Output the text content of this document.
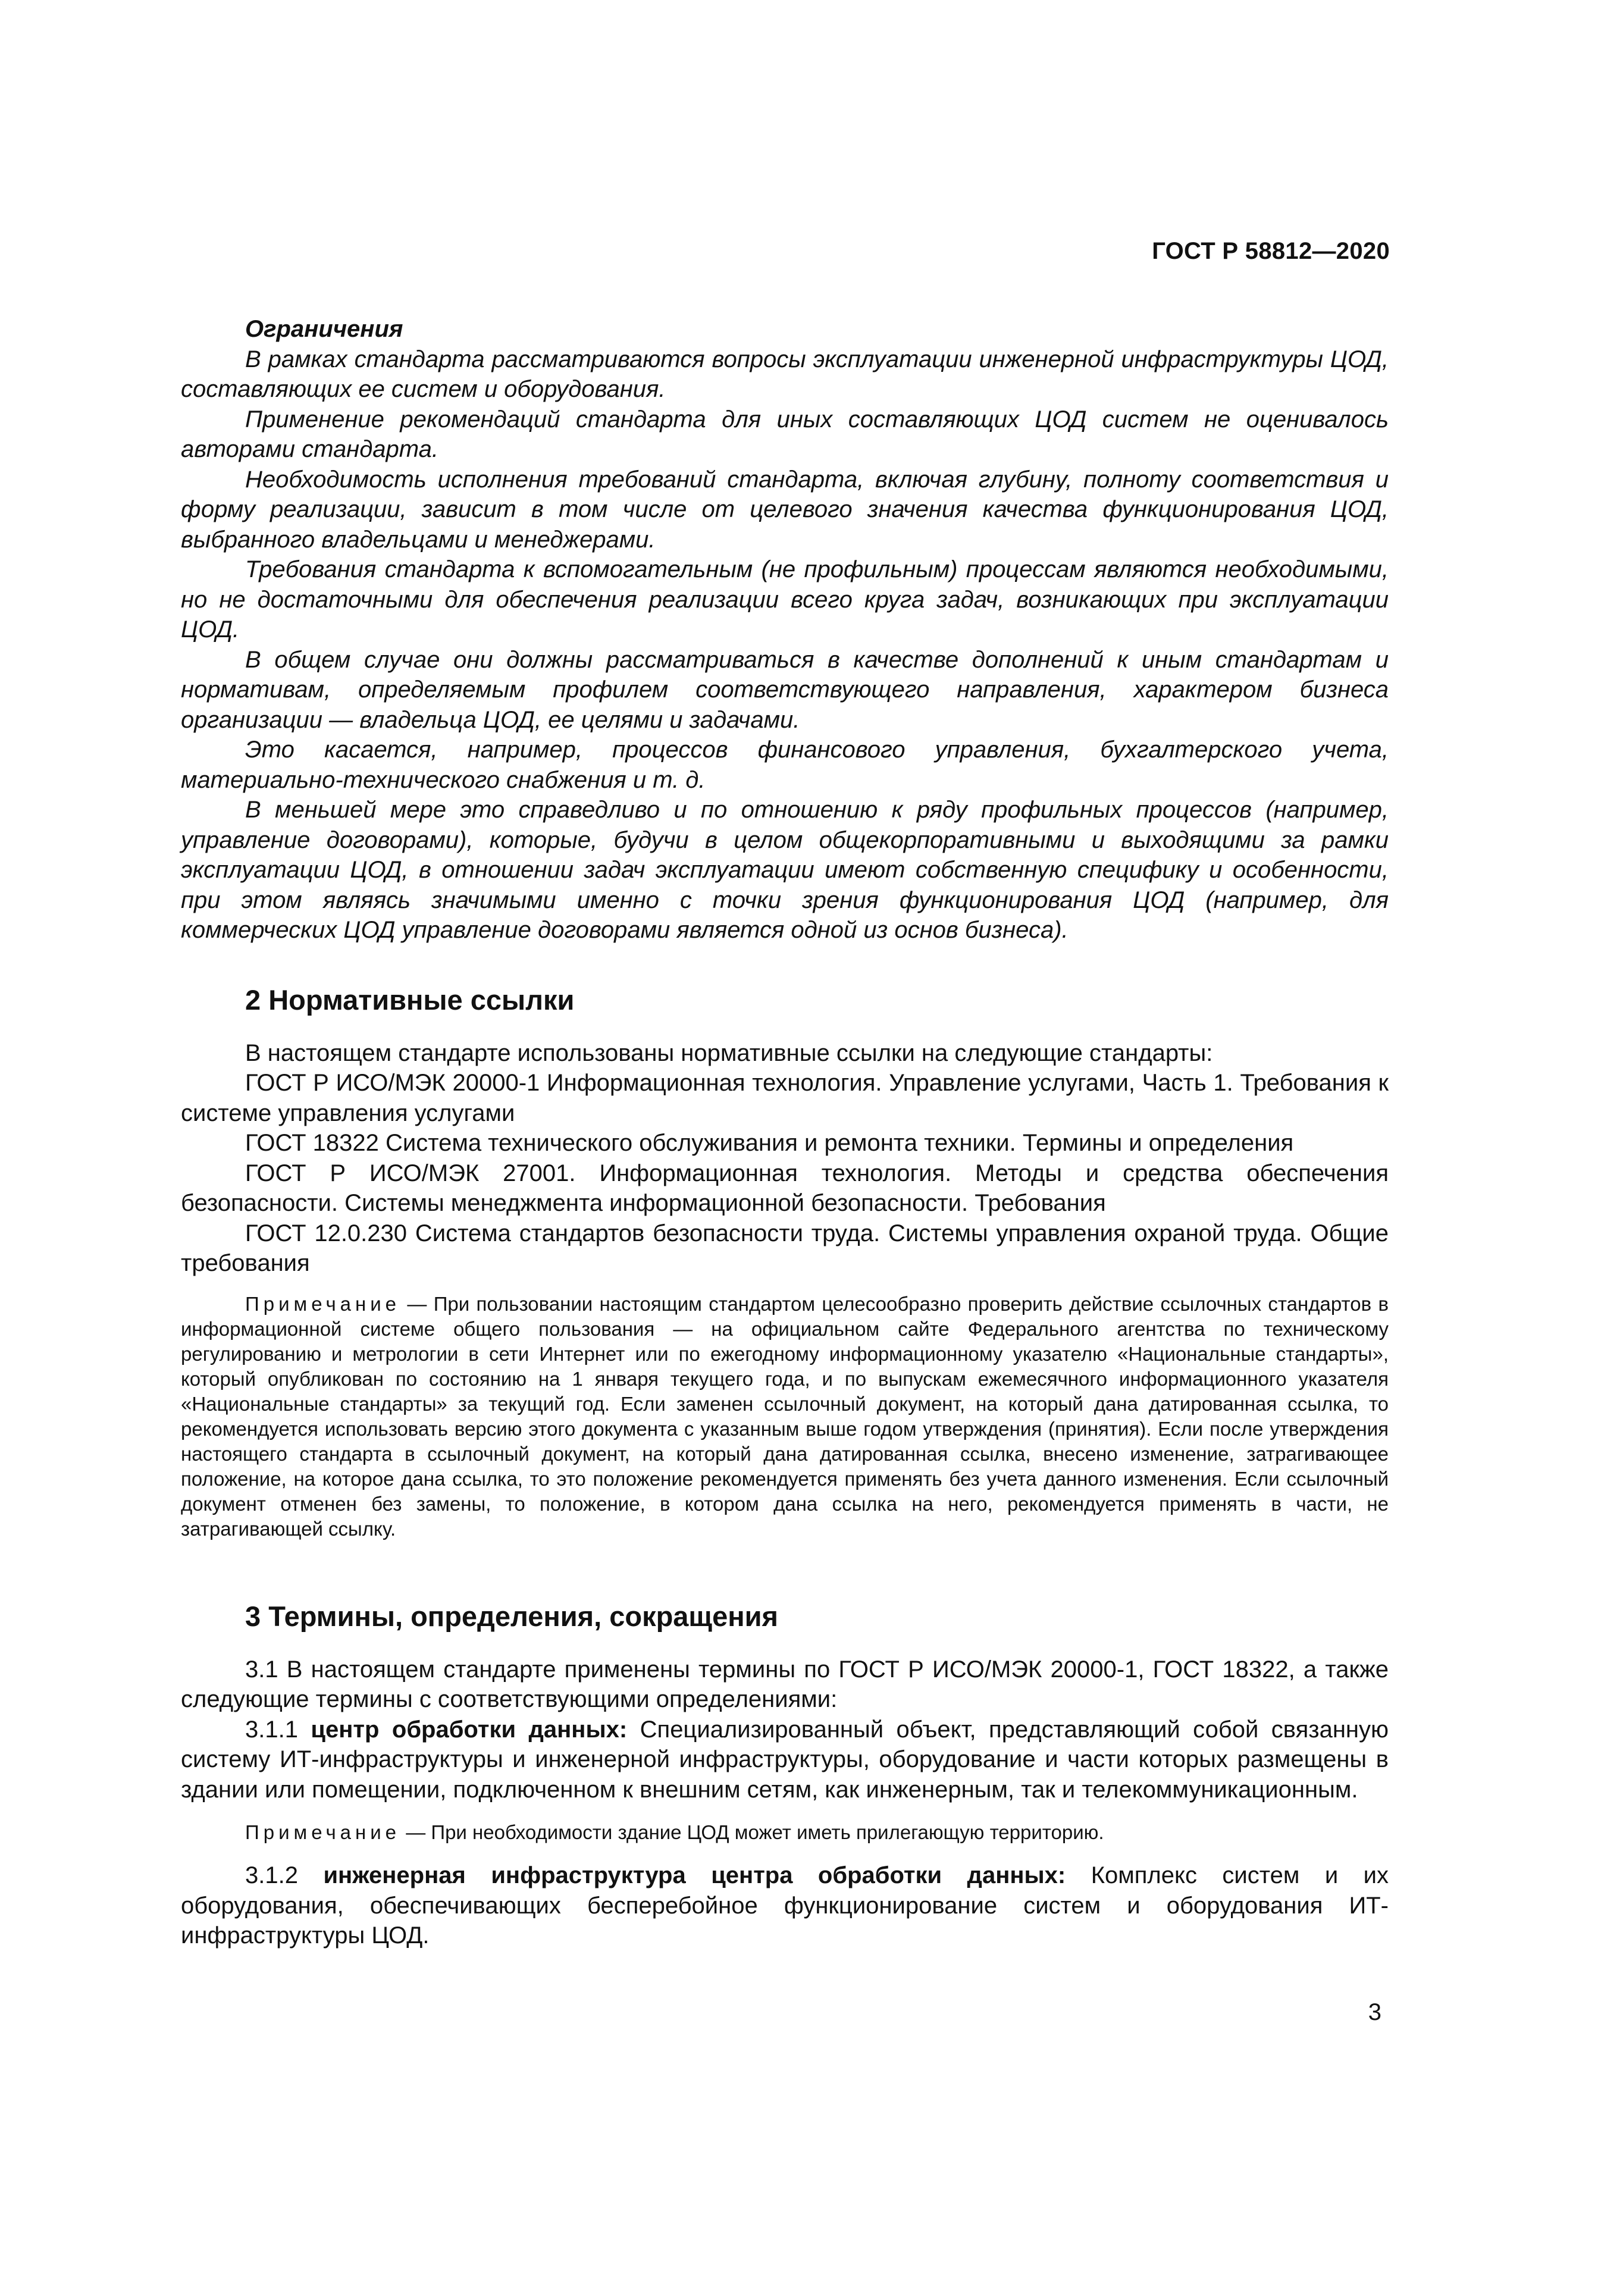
ГОСТ Р 58812—2020

Ограничения

В рамках стандарта рассматриваются вопросы эксплуатации инженерной инфраструктуры ЦОД, составляющих ее систем и оборудования.

Применение рекомендаций стандарта для иных составляющих ЦОД систем не оценивалось авторами стандарта.

Необходимость исполнения требований стандарта, включая глубину, полноту соответствия и форму реализации, зависит в том числе от целевого значения качества функционирования ЦОД, выбранного владельцами и менеджерами.

Требования стандарта к вспомогательным (не профильным) процессам являются необходимыми, но не достаточными для обеспечения реализации всего круга задач, возникающих при эксплуатации ЦОД.

В общем случае они должны рассматриваться в качестве дополнений к иным стандартам и нормативам, определяемым профилем соответствующего направления, характером бизнеса организации — владельца ЦОД, ее целями и задачами.

Это касается, например, процессов финансового управления, бухгалтерского учета, материально-технического снабжения и т. д.

В меньшей мере это справедливо и по отношению к ряду профильных процессов (например, управление договорами), которые, будучи в целом общекорпоративными и выходящими за рамки эксплуатации ЦОД, в отношении задач эксплуатации имеют собственную специфику и особенности, при этом являясь значимыми именно с точки зрения функционирования ЦОД (например, для коммерческих ЦОД управление договорами является одной из основ бизнеса).

2 Нормативные ссылки

В настоящем стандарте использованы нормативные ссылки на следующие стандарты:

ГОСТ Р ИСО/МЭК 20000-1 Информационная технология. Управление услугами, Часть 1. Требования к системе управления услугами

ГОСТ 18322 Система технического обслуживания и ремонта техники. Термины и определения

ГОСТ Р ИСО/МЭК 27001. Информационная технология. Методы и средства обеспечения безопасности. Системы менеджмента информационной безопасности. Требования

ГОСТ 12.0.230 Система стандартов безопасности труда. Системы управления охраной труда. Общие требования

Примечание — При пользовании настоящим стандартом целесообразно проверить действие ссылочных стандартов в информационной системе общего пользования — на официальном сайте Федерального агентства по техническому регулированию и метрологии в сети Интернет или по ежегодному информационному указателю «Национальные стандарты», который опубликован по состоянию на 1 января текущего года, и по выпускам ежемесячного информационного указателя «Национальные стандарты» за текущий год. Если заменен ссылочный документ, на который дана датированная ссылка, то рекомендуется использовать версию этого документа с указанным выше годом утверждения (принятия). Если после утверждения настоящего стандарта в ссылочный документ, на который дана датированная ссылка, внесено изменение, затрагивающее положение, на которое дана ссылка, то это положение рекомендуется применять без учета данного изменения. Если ссылочный документ отменен без замены, то положение, в котором дана ссылка на него, рекомендуется применять в части, не затрагивающей ссылку.

3 Термины, определения, сокращения

3.1 В настоящем стандарте применены термины по ГОСТ Р ИСО/МЭК 20000-1, ГОСТ 18322, а также следующие термины с соответствующими определениями:

3.1.1 центр обработки данных: Специализированный объект, представляющий собой связанную систему ИТ-инфраструктуры и инженерной инфраструктуры, оборудование и части которых размещены в здании или помещении, подключенном к внешним сетям, как инженерным, так и телекоммуникационным.

Примечание — При необходимости здание ЦОД может иметь прилегающую территорию.

3.1.2 инженерная инфраструктура центра обработки данных: Комплекс систем и их оборудования, обеспечивающих бесперебойное функционирование систем и оборудования ИТ-инфраструктуры ЦОД.

3
